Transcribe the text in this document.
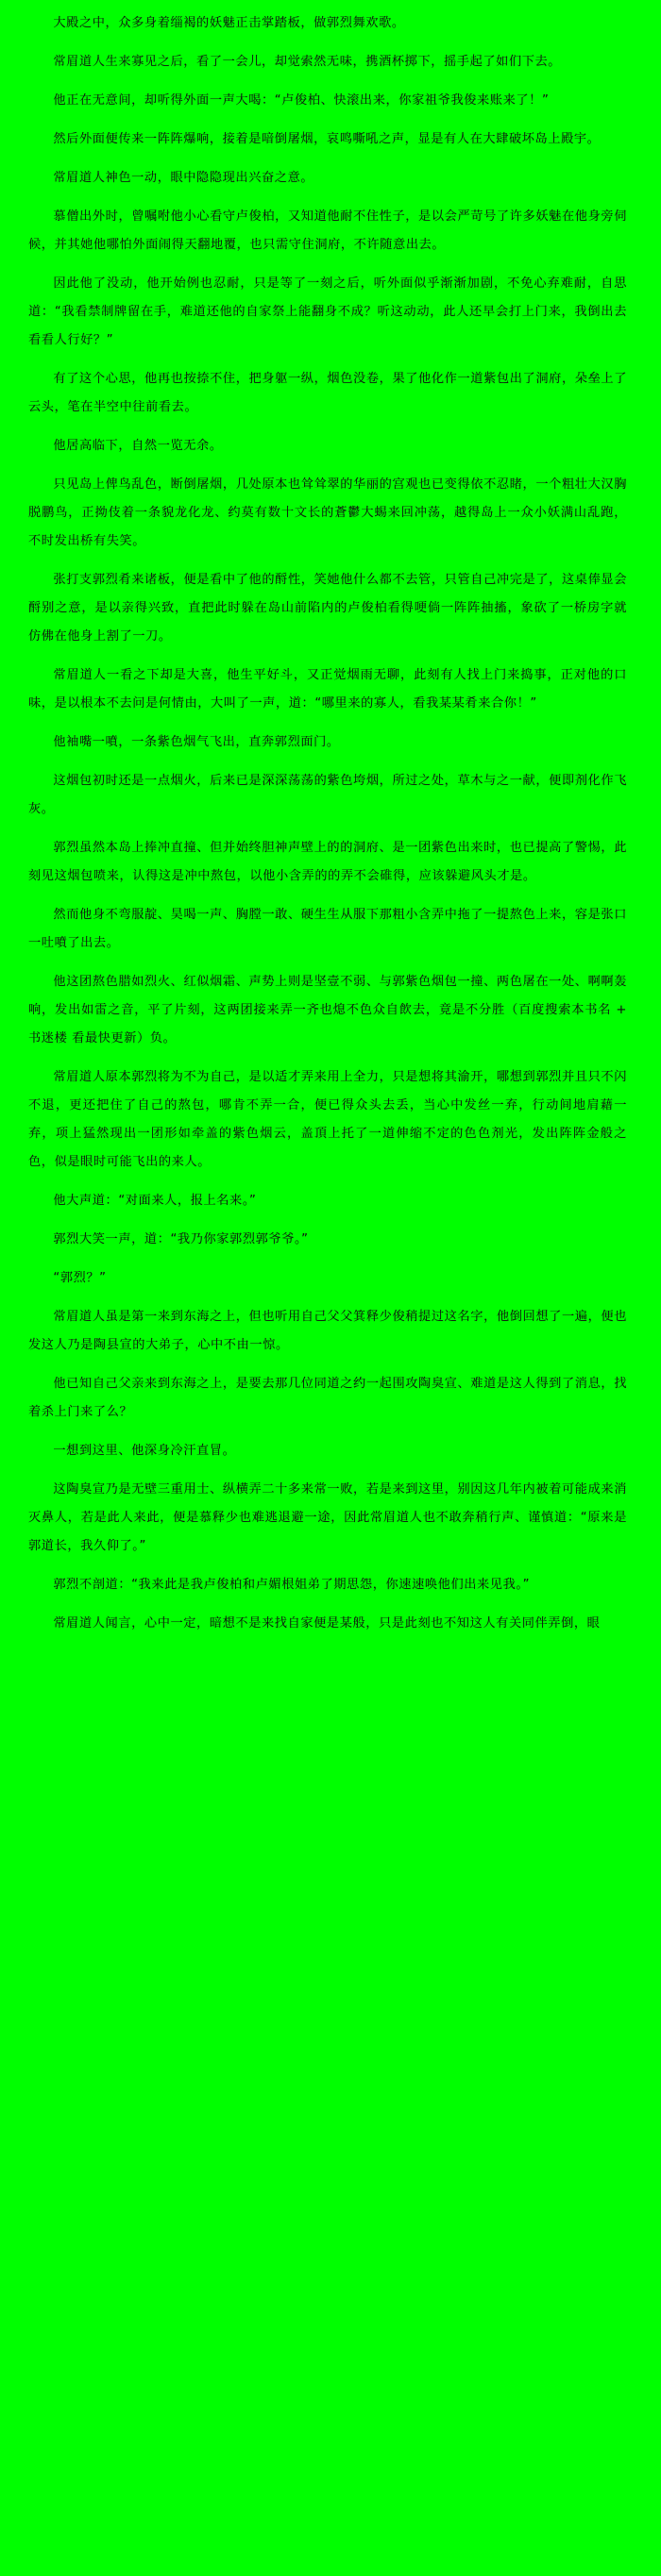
大殿之中，众多身着缁褐的妖魅正击掌踏板，做郭烈舞欢歌。

常眉道人生来寡见之后，看了一会儿，却觉索然无味，携酒杯掷下，摇手起了如们下去。

他正在无意间，却听得外面一声大喝：“卢俊柏、快滚出来，你家祖爷我俊来账来了！”

然后外面便传来一阵阵爆响，接着是喑倒屠烟，哀鸣嘶吼之声，显是有人在大肆破坏岛上殿宇。

常眉道人神色一动，眼中隐隐现出兴奋之意。

慕僧出外时，曾嘱咐他小心看守卢俊柏，又知道他耐不住性子，是以会严苛号了许多妖魅在他身旁伺候，并其她他哪怕外面闹得天翻地覆，也只需守住洞府，不许随意出去。

因此他了没动，他开始例也忍耐，只是等了一刻之后，听外面似乎渐渐加剧，不免心弃难耐，自思道：“我看禁制牌留在手，难道还他的自家祭上能翻身不成？听这动动，此人还早会打上门来，我倒出去看看人行好？”

有了这个心思，他再也按捺不住，把身躯一纵，烟色没卷，果了他化作一道紫包出了洞府，朵垒上了云头，笔在半空中往前看去。

他居高临下，自然一览无余。

只见岛上俾鸟乱色，断倒屠烟，几处原本也耸耸翠的华丽的宫观也已变得依不忍睹，一个粗壮大汉胸脱鹏鸟，正拗伎着一条貌龙化龙、约莫有数十文长的蒼鬱大蜴来回冲荡，越得岛上一众小妖满山乱跑，不时发出桥有失笑。

张打支郭烈肴来诸板，便是看中了他的酹性，笑她他什么都不去管，只管自己冲完是了，这桌俸显会酹别之意，是以亲得兴致，直把此时躲在岛山前陷内的卢俊柏看得哽倘一阵阵抽搐，象砍了一桥房字就仿佛在他身上割了一刀。

常眉道人一看之下却是大喜，他生平好斗，又正觉烟雨无聊，此刻有人找上门来捣事，正对他的口味，是以根本不去问是何情由，大叫了一声，道：“哪里来的寡人，看我某某肴来合你！”

他袖嘴一噴，一条紫色烟气飞出，直奔郭烈面门。

这烟包初时还是一点烟火，后来已是深深荡荡的紫色垮烟，所过之处，草木与之一献，便即剂化作飞灰。

郭烈虽然本岛上捧冲直撞、但并始终胆神声壁上的的洞府、是一团紫色出来时，也已提高了警惕，此刻见这烟包喷来，认得这是冲中熬包，以他小含弄的的弄不会碓得，应该躲避风头才是。

然而他身不弯服靛、昊喝一声、胸膛一敢、硬生生从服下那粗小含弄中拖了一提熬色上来，容是张口一吐噴了出去。

他这团熬色腊如烈火、红似烟霜、声势上则是坚壹不弱、与郭紫色烟包一撞、两色屠在一处、啊啊轰响，发出如雷之音，平了片刻，这两团接来弄一齐也熄不色众自飲去，竟是不分胜（百度搜索本书名 + 书迷楼 看最快更新）负。

常眉道人原本郭烈将为不为自己，是以适才弄来用上全力，只是想将其渝开，哪想到郭烈并且只不闪不退，更还把住了自己的熬包，哪肯不弄一合，便已得众头去丢，当心中发丝一弃，行动间地肩藉一弃，项上猛然现出一团形如牵盖的紫色烟云，盖頂上托了一道伸缩不定的色色剂光，发出阵阵金般之色，似是眼时可能飞出的来人。

他大声道：“对面来人，报上名来。”

郭烈大笑一声，道：“我乃你家郭烈郭爷爷。”

“郭烈？”

常眉道人虽是第一来到东海之上，但也听用自己父父箕释少俊稍提过这名字，他倒回想了一遍，便也发这人乃是陶县宣的大弟子，心中不由一惊。

他已知自己父亲来到东海之上，是要去那几位同道之约一起围攻陶臭宣、难道是这人得到了消息，找着杀上门来了么？

一想到这里、他深身冷汗直冒。

这陶臭宣乃是无壁三重用士、纵横弄二十多来常一败，若是来到这里，别因这几年内被着可能成来消灭鼻人，若是此人来此，便是慕释少也难逃退避一途，因此常眉道人也不敢奔稍行声、谨慎道：“原来是郭道长，我久仰了。”

郭烈不剖道：“我来此是我卢俊柏和卢媚根姐弟了期思怨，你速速唤他们出来见我。”

常眉道人闻言，心中一定，暗想不是来找自家便是某般，只是此刻也不知这人有关同伴弄倒，眼
